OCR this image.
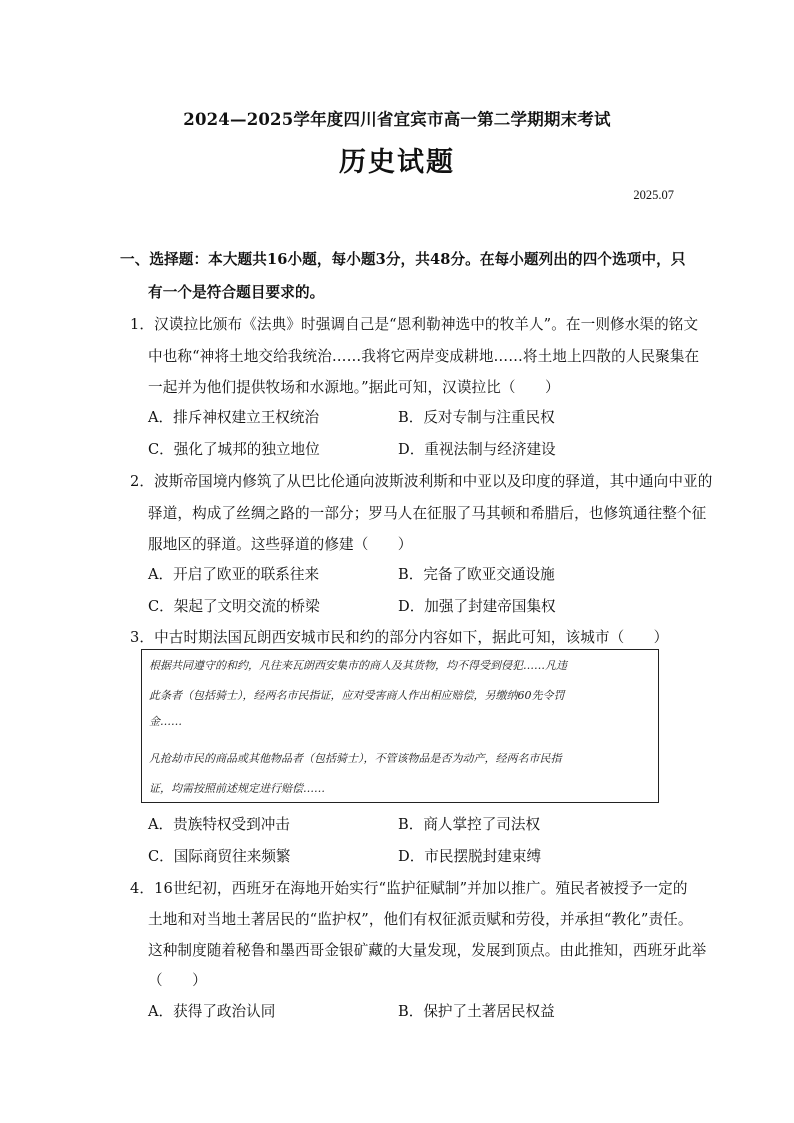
2024—2025学年度四川省宜宾市高一第二学期期末考试
历史试题
2025.07
一、选择题：本大题共16小题，每小题3分，共48分。在每小题列出的四个选项中，只
有一个是符合题目要求的。
1．汉谟拉比颁布《法典》时强调自己是“恩利勒神选中的牧羊人”。在一则修水渠的铭文
中也称“神将土地交给我统治……我将它两岸变成耕地……将土地上四散的人民聚集在
一起并为他们提供牧场和水源地。”据此可知，汉谟拉比（　　）
A．排斥神权建立王权统治	B．反对专制与注重民权
C．强化了城邦的独立地位	D．重视法制与经济建设
2．波斯帝国境内修筑了从巴比伦通向波斯波利斯和中亚以及印度的驿道，其中通向中亚的
驿道，构成了丝绸之路的一部分；罗马人在征服了马其顿和希腊后，也修筑通往整个征
服地区的驿道。这些驿道的修建（　　）
A．开启了欧亚的联系往来	B．完备了欧亚交通设施
C．架起了文明交流的桥梁	D．加强了封建帝国集权
3．中古时期法国瓦朗西安城市民和约的部分内容如下，据此可知，该城市（　　）
根据共同遵守的和约，凡往来瓦朗西安集市的商人及其货物，均不得受到侵犯……凡违
此条者（包括骑士），经两名市民指证，应对受害商人作出相应赔偿，另缴纳60先令罚
金……
凡抢劫市民的商品或其他物品者（包括骑士），不管该物品是否为动产，经两名市民指
证，均需按照前述规定进行赔偿……
A．贵族特权受到冲击	B．商人掌控了司法权
C．国际商贸往来频繁	D．市民摆脱封建束缚
4．16世纪初，西班牙在海地开始实行“监护征赋制”并加以推广。殖民者被授予一定的
土地和对当地土著居民的“监护权”，他们有权征派贡赋和劳役，并承担“教化”责任。
这种制度随着秘鲁和墨西哥金银矿藏的大量发现，发展到顶点。由此推知，西班牙此举
（　　）
A．获得了政治认同	B．保护了土著居民权益
